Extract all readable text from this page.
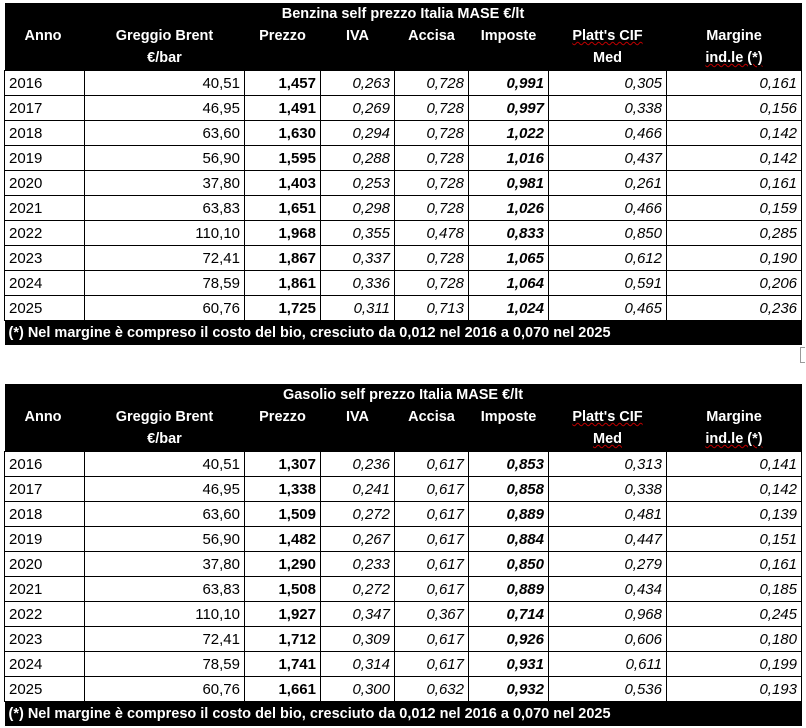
Benzina self prezzo Italia MASE €/lt							
Anno	Greggio Brent	Prezzo	IVA	Accisa	Imposte	Platt's CIF	Margine
	€/bar					Med	ind.le (*)
2016	40,51	1,457	0,263	0,728	0,991	0,305	0,161
2017	46,95	1,491	0,269	0,728	0,997	0,338	0,156
2018	63,60	1,630	0,294	0,728	1,022	0,466	0,142
2019	56,90	1,595	0,288	0,728	1,016	0,437	0,142
2020	37,80	1,403	0,253	0,728	0,981	0,261	0,161
2021	63,83	1,651	0,298	0,728	1,026	0,466	0,159
2022	110,10	1,968	0,355	0,478	0,833	0,850	0,285
2023	72,41	1,867	0,337	0,728	1,065	0,612	0,190
2024	78,59	1,861	0,336	0,728	1,064	0,591	0,206
2025	60,76	1,725	0,311	0,713	1,024	0,465	0,236
(*) Nel margine è compreso il costo del bio, cresciuto da 0,012 nel 2016 a 0,070 nel 2025							
Gasolio self prezzo Italia MASE €/lt							
Anno	Greggio Brent	Prezzo	IVA	Accisa	Imposte	Platt's CIF	Margine
	€/bar					Med	ind.le (*)
2016	40,51	1,307	0,236	0,617	0,853	0,313	0,141
2017	46,95	1,338	0,241	0,617	0,858	0,338	0,142
2018	63,60	1,509	0,272	0,617	0,889	0,481	0,139
2019	56,90	1,482	0,267	0,617	0,884	0,447	0,151
2020	37,80	1,290	0,233	0,617	0,850	0,279	0,161
2021	63,83	1,508	0,272	0,617	0,889	0,434	0,185
2022	110,10	1,927	0,347	0,367	0,714	0,968	0,245
2023	72,41	1,712	0,309	0,617	0,926	0,606	0,180
2024	78,59	1,741	0,314	0,617	0,931	0,611	0,199
2025	60,76	1,661	0,300	0,632	0,932	0,536	0,193
(*) Nel margine è compreso il costo del bio, cresciuto da 0,012 nel 2016 a 0,070 nel 2025							
